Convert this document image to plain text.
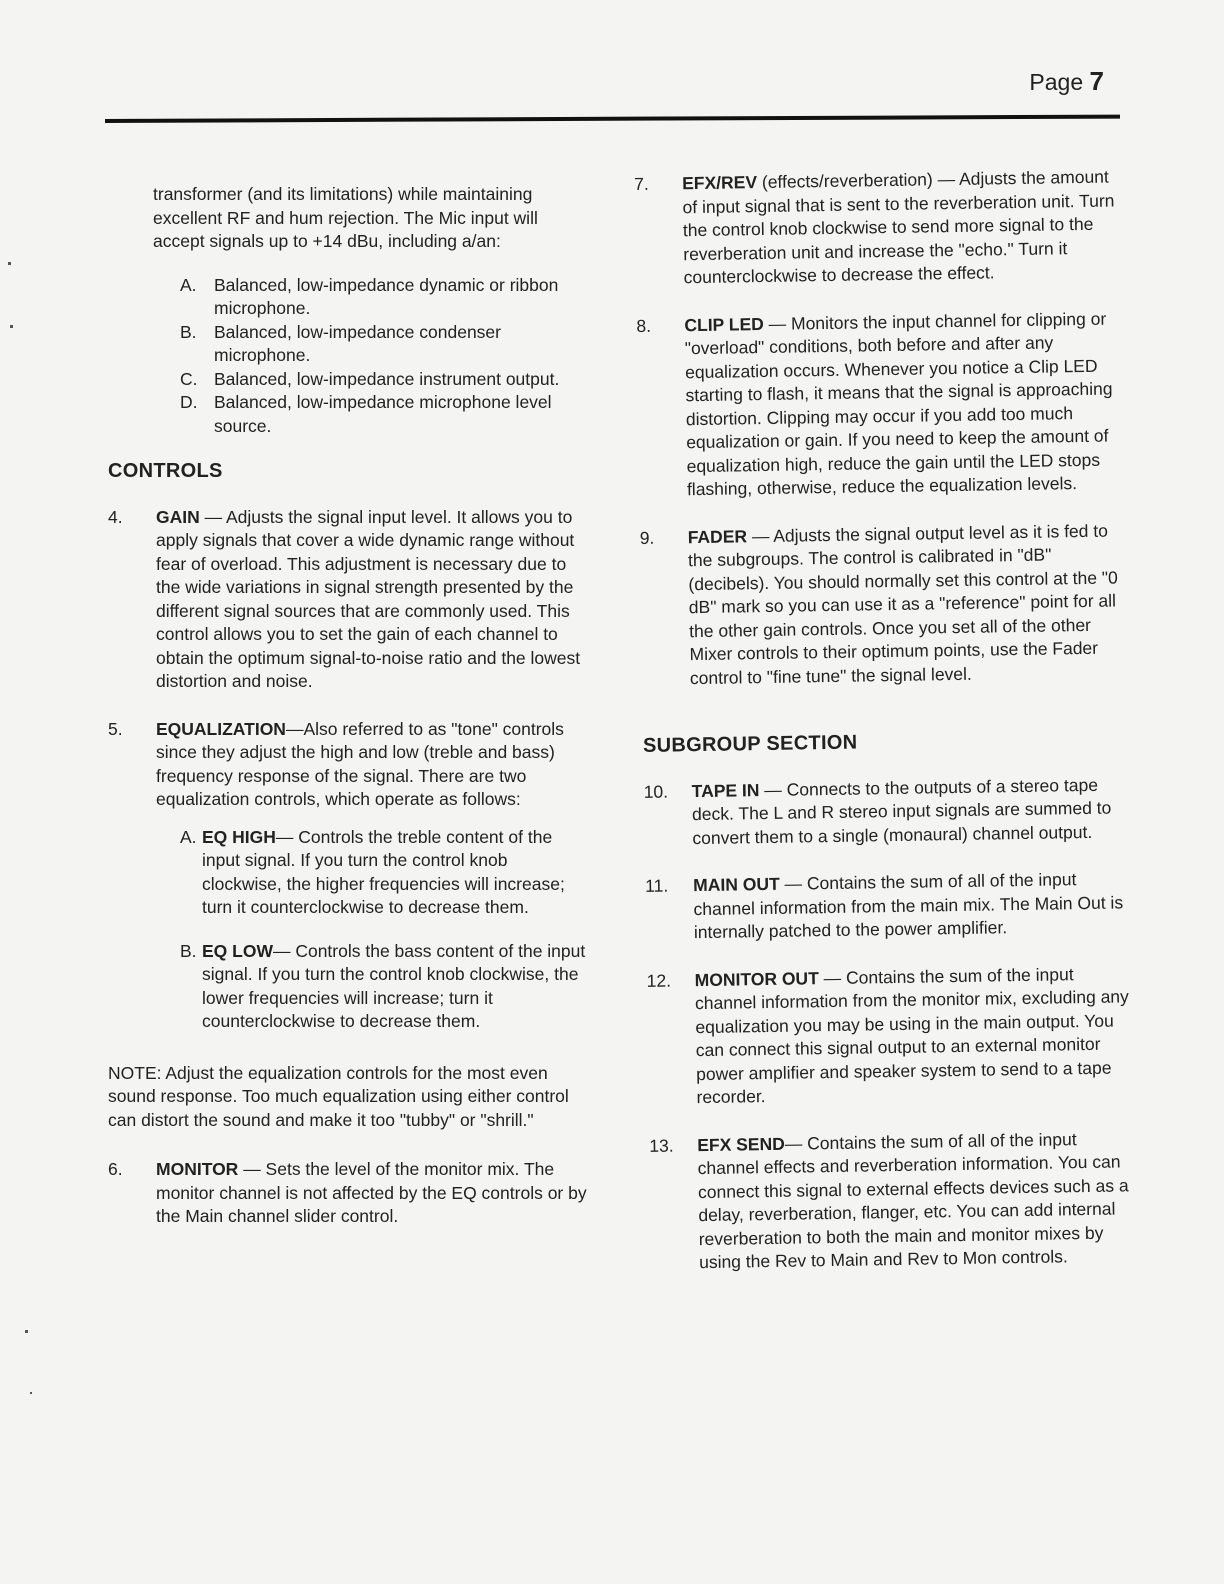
Page 7

transformer (and its limitations) while maintaining excellent RF and hum rejection. The Mic input will accept signals up to +14 dBu, including a/an:

A. Balanced, low-impedance dynamic or ribbon microphone.
B. Balanced, low-impedance condenser microphone.
C. Balanced, low-impedance instrument output.
D. Balanced, low-impedance microphone level source.
CONTROLS
4.	GAIN — Adjusts the signal input level. It allows you to apply signals that cover a wide dynamic range without fear of overload. This adjustment is necessary due to the wide variations in signal strength presented by the different signal sources that are commonly used. This control allows you to set the gain of each channel to obtain the optimum signal-to-noise ratio and the lowest distortion and noise.
5.	EQUALIZATION—Also referred to as "tone" controls since they adjust the high and low (treble and bass) frequency response of the signal. There are two equalization controls, which operate as follows:
A. EQ HIGH— Controls the treble content of the input signal. If you turn the control knob clockwise, the higher frequencies will increase; turn it counterclockwise to decrease them.
B. EQ LOW— Controls the bass content of the input signal. If you turn the control knob clockwise, the lower frequencies will increase; turn it counterclockwise to decrease them.

NOTE: Adjust the equalization controls for the most even sound response. Too much equalization using either control can distort the sound and make it too "tubby" or "shrill."

6.	MONITOR — Sets the level of the monitor mix. The monitor channel is not affected by the EQ controls or by the Main channel slider control.
7.	EFX/REV (effects/reverberation) — Adjusts the amount of input signal that is sent to the reverberation unit. Turn the control knob clockwise to send more signal to the reverberation unit and increase the "echo." Turn it counterclockwise to decrease the effect.
8.	CLIP LED — Monitors the input channel for clipping or "overload" conditions, both before and after any equalization occurs. Whenever you notice a Clip LED starting to flash, it means that the signal is approaching distortion. Clipping may occur if you add too much equalization or gain. If you need to keep the amount of equalization high, reduce the gain until the LED stops flashing, otherwise, reduce the equalization levels.
9.	FADER — Adjusts the signal output level as it is fed to the subgroups. The control is calibrated in "dB" (decibels). You should normally set this control at the "0 dB" mark so you can use it as a "reference" point for all the other gain controls. Once you set all of the other Mixer controls to their optimum points, use the Fader control to "fine tune" the signal level.
SUBGROUP SECTION
10.	TAPE IN — Connects to the outputs of a stereo tape deck. The L and R stereo input signals are summed to convert them to a single (monaural) channel output.
11.	MAIN OUT — Contains the sum of all of the input channel information from the main mix. The Main Out is internally patched to the power amplifier.
12.	MONITOR OUT — Contains the sum of the input channel information from the monitor mix, excluding any equalization you may be using in the main output. You can connect this signal output to an external monitor power amplifier and speaker system to send to a tape recorder.
13.	EFX SEND— Contains the sum of all of the input channel effects and reverberation information. You can connect this signal to external effects devices such as a delay, reverberation, flanger, etc. You can add internal reverberation to both the main and monitor mixes by using the Rev to Main and Rev to Mon controls.
